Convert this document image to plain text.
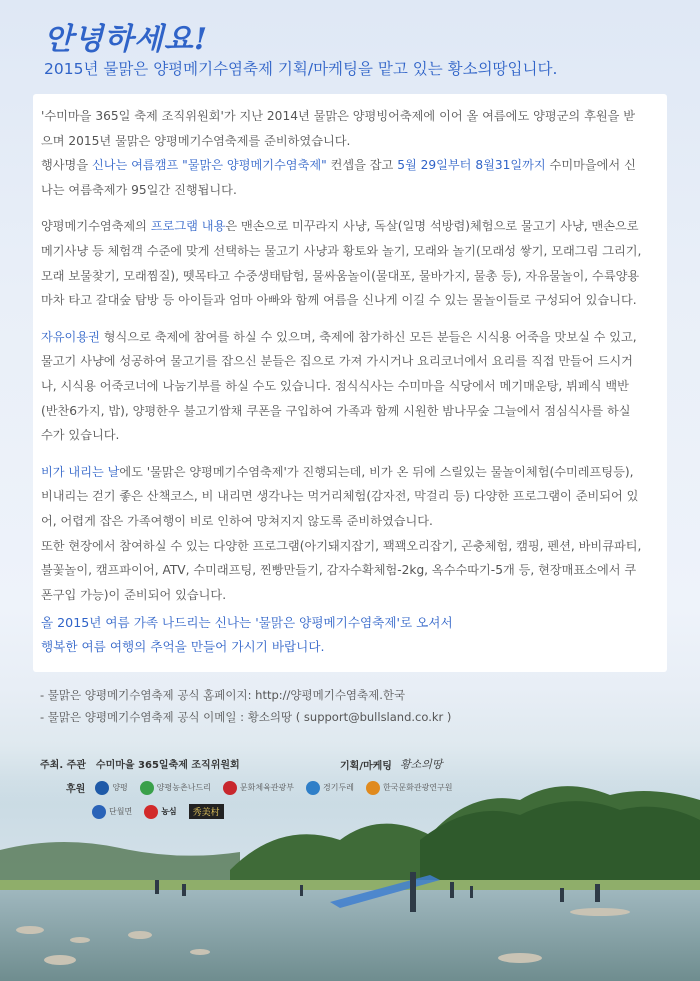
안녕하세요!
2015년 물맑은 양평메기수염축제 기획/마케팅을 맡고 있는 황소의땅입니다.

'수미마을 365일 축제 조직위원회'가 지난 2014년 물맑은 양평빙어축제에 이어 올 여름에도 양평군의 후원을 받으며 2015년 물맑은 양평메기수염축제를 준비하였습니다.
행사명을 신나는 여름캠프 "물맑은 양평메기수염축제" 컨셉을 잡고 5월 29일부터 8월31일까지 수미마을에서 신나는 여름축제가 95일간 진행됩니다.

양평메기수염축제의 프로그램 내용은 맨손으로 미꾸라지 사냥, 독살(일명 석방렴)체험으로 물고기 사냥, 맨손으로 메기사냥 등 체험객 수준에 맞게 선택하는 물고기 사냥과 황토와 놀기, 모래와 놀기(모래성 쌓기, 모래그림 그리기, 모래 보물찾기, 모래찜질), 뗏목타고 수중생태탐험, 물싸움놀이(물대포, 물바가지, 물총 등), 자유물놀이, 수륙양용마차 타고 갈대숲 탐방 등 아이들과 엄마 아빠와 함께 여름을 신나게 이길 수 있는 물놀이들로 구성되어 있습니다.

자유이용권 형식으로 축제에 참여를 하실 수 있으며, 축제에 참가하신 모든 분들은 시식용 어죽을 맛보실 수 있고, 물고기 사냥에 성공하여 물고기를 잡으신 분들은 집으로 가져 가시거나 요리코너에서 요리를 직접 만들어 드시거나, 시식용 어죽코너에 나눔기부를 하실 수도 있습니다. 점식식사는 수미마을 식당에서 메기매운탕, 뷔페식 백반(반찬6가지, 밥), 양평한우 불고기쌈채 쿠폰을 구입하여 가족과 함께 시원한 밤나무숲 그늘에서 점심식사를 하실 수가 있습니다.

비가 내리는 날에도 '물맑은 양평메기수염축제'가 진행되는데, 비가 온 뒤에 스릴있는 물놀이체험(수미레프팅등), 비내리는 걷기 좋은 산책코스, 비 내리면 생각나는 먹거리체험(감자전, 막걸리 등) 다양한 프로그램이 준비되어 있어, 어렵게 잡은 가족여행이 비로 인하여 망쳐지지 않도록 준비하였습니다.
또한 현장에서 참여하실 수 있는 다양한 프로그램(아기돼지잡기, 꽥꽥오리잡기, 곤충체험, 캠핑, 펜션, 바비큐파티, 불꽃놀이, 캠프파이어, ATV, 수미래프팅, 찐빵만들기, 감자수확체험-2kg, 옥수수따기-5개 등, 현장매표소에서 쿠폰구입 가능)이 준비되어 있습니다.

올 2015년 여름 가족 나드리는 신나는 '물맑은 양평메기수염축제'로 오셔서
행복한 여름 여행의 추억을 만들어 가시기 바랍니다.
- 물맑은 양평메기수염축제 공식 홈페이지: http://양평메기수염축제.한국
- 물맑은 양평메기수염축제 공식 이메일 : 황소의땅 ( support@bullsland.co.kr )
주최. 주관 수미마을 365일축제 조직위원회	기획/마케팅 황소의땅
후원	양평	양평농촌나드리	문화체육관광부	경기두레	한국문화관광연구원
단월면	농심	秀美村
